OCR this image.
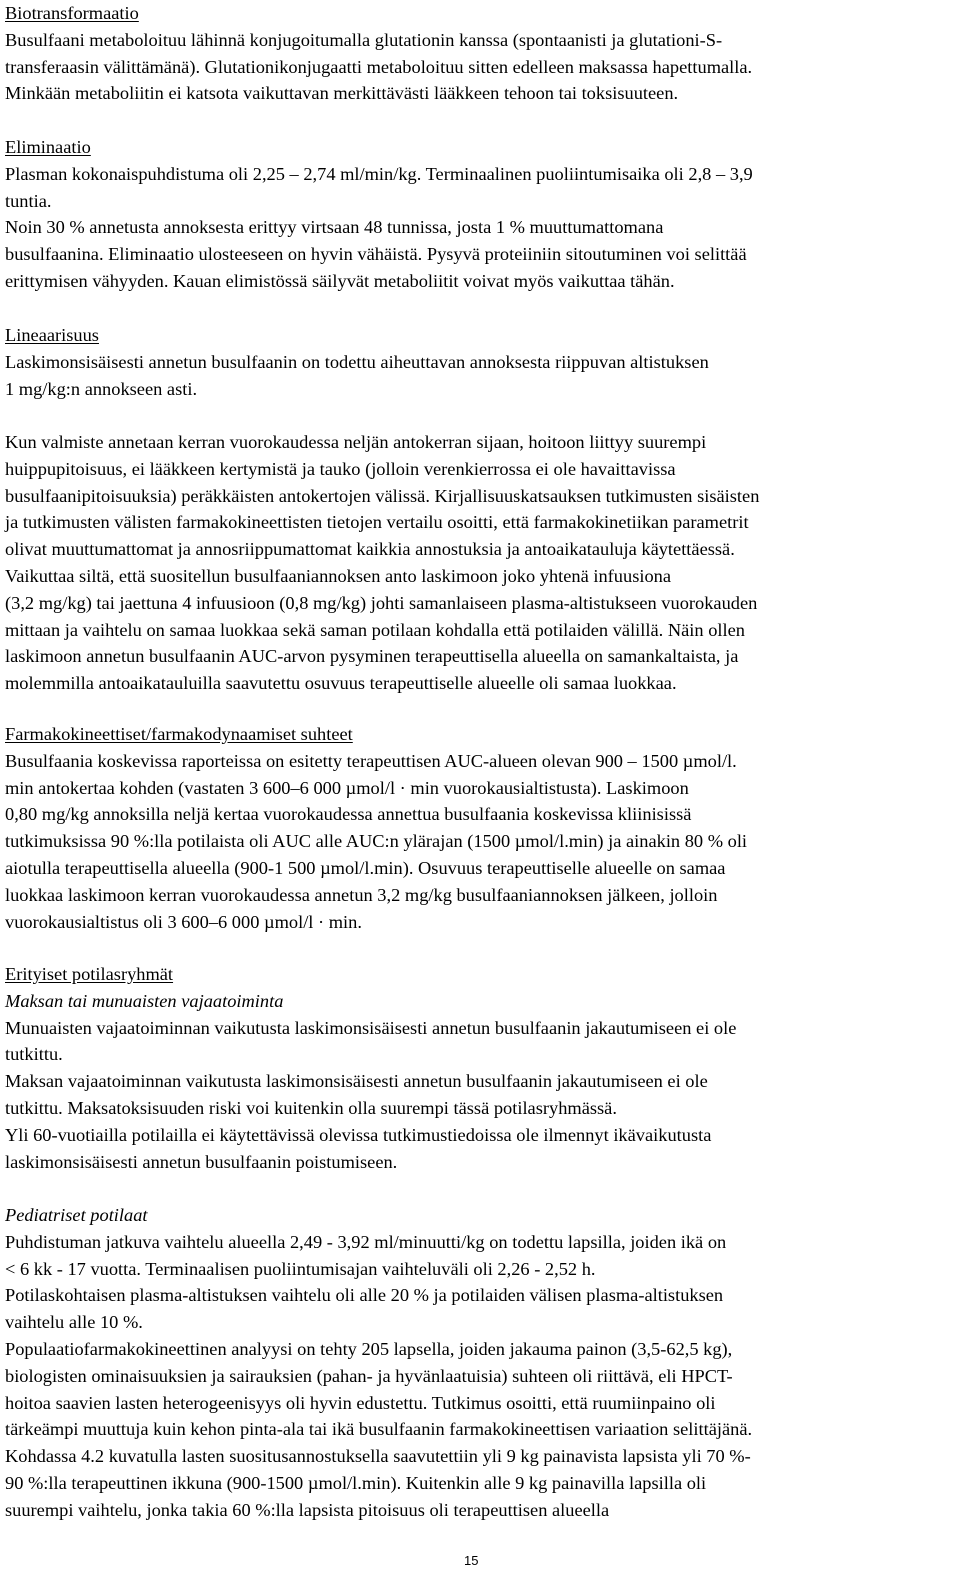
Biotransformaatio
Busulfaani metaboloituu lähinnä konjugoitumalla glutationin kanssa (spontaanisti ja glutationi-S-
transferaasin välittämänä). Glutationikonjugaatti metaboloituu sitten edelleen maksassa hapettumalla.
Minkään metaboliitin ei katsota vaikuttavan merkittävästi lääkkeen tehoon tai toksisuuteen.
Eliminaatio
Plasman kokonaispuhdistuma oli 2,25 – 2,74 ml/min/kg. Terminaalinen puoliintumisaika oli 2,8 – 3,9
tuntia.
Noin 30 % annetusta annoksesta erittyy virtsaan 48 tunnissa, josta 1 % muuttumattomana
busulfaanina. Eliminaatio ulosteeseen on hyvin vähäistä. Pysyvä proteiiniin sitoutuminen voi selittää
erittymisen vähyyden. Kauan elimistössä säilyvät metaboliitit voivat myös vaikuttaa tähän.
Lineaarisuus
Laskimonsisäisesti annetun busulfaanin on todettu aiheuttavan annoksesta riippuvan altistuksen
1 mg/kg:n annokseen asti.
Kun valmiste annetaan kerran vuorokaudessa neljän antokerran sijaan, hoitoon liittyy suurempi
huippupitoisuus, ei lääkkeen kertymistä ja tauko (jolloin verenkierrossa ei ole havaittavissa
busulfaanipitoisuuksia) peräkkäisten antokertojen välissä. Kirjallisuuskatsauksen tutkimusten sisäisten
ja tutkimusten välisten farmakokineettisten tietojen vertailu osoitti, että farmakokinetiikan parametrit
olivat muuttumattomat ja annosriippumattomat kaikkia annostuksia ja antoaikatauluja käytettäessä.
Vaikuttaa siltä, että suositellun busulfaaniannoksen anto laskimoon joko yhtenä infuusiona
(3,2 mg/kg) tai jaettuna 4 infuusioon (0,8 mg/kg) johti samanlaiseen plasma-altistukseen vuorokauden
mittaan ja vaihtelu on samaa luokkaa sekä saman potilaan kohdalla että potilaiden välillä. Näin ollen
laskimoon annetun busulfaanin AUC-arvon pysyminen terapeuttisella alueella on samankaltaista, ja
molemmilla antoaikatauluilla saavutettu osuvuus terapeuttiselle alueelle oli samaa luokkaa.
Farmakokineettiset/farmakodynaamiset suhteet
Busulfaania koskevissa raporteissa on esitetty terapeuttisen AUC-alueen olevan 900 – 1500 µmol/l.
min antokertaa kohden (vastaten 3 600–6 000 µmol/l · min vuorokausialtistusta). Laskimoon
0,80 mg/kg annoksilla neljä kertaa vuorokaudessa annettua busulfaania koskevissa kliinisissä
tutkimuksissa 90 %:lla potilaista oli AUC alle AUC:n ylärajan (1500 µmol/l.min) ja ainakin 80 % oli
aiotulla terapeuttisella alueella (900-1 500 µmol/l.min). Osuvuus terapeuttiselle alueelle on samaa
luokkaa laskimoon kerran vuorokaudessa annetun 3,2 mg/kg busulfaaniannoksen jälkeen, jolloin
vuorokausialtistus oli 3 600–6 000 µmol/l · min.
Erityiset potilasryhmät
Maksan tai munuaisten vajaatoiminta
Munuaisten vajaatoiminnan vaikutusta laskimonsisäisesti annetun busulfaanin jakautumiseen ei ole
tutkittu.
Maksan vajaatoiminnan vaikutusta laskimonsisäisesti annetun busulfaanin jakautumiseen ei ole
tutkittu. Maksatoksisuuden riski voi kuitenkin olla suurempi tässä potilasryhmässä.
Yli 60-vuotiailla potilailla ei käytettävissä olevissa tutkimustiedoissa ole ilmennyt ikävaikutusta
laskimonsisäisesti annetun busulfaanin poistumiseen.
Pediatriset potilaat
Puhdistuman jatkuva vaihtelu alueella 2,49 - 3,92 ml/minuutti/kg on todettu lapsilla, joiden ikä on
< 6 kk - 17 vuotta. Terminaalisen puoliintumisajan vaihteluväli oli 2,26 - 2,52 h.
Potilaskohtaisen plasma-altistuksen vaihtelu oli alle 20 % ja potilaiden välisen plasma-altistuksen
vaihtelu alle 10 %.
Populaatiofarmakokineettinen analyysi on tehty 205 lapsella, joiden jakauma painon (3,5-62,5 kg),
biologisten ominaisuuksien ja sairauksien (pahan- ja hyvänlaatuisia) suhteen oli riittävä, eli HPCT-
hoitoa saavien lasten heterogeenisyys oli hyvin edustettu. Tutkimus osoitti, että ruumiinpaino oli
tärkeämpi muuttuja kuin kehon pinta-ala tai ikä busulfaanin farmakokineettisen variaation selittäjänä.
Kohdassa 4.2 kuvatulla lasten suositusannostuksella saavutettiin yli 9 kg painavista lapsista yli 70 %-
90 %:lla terapeuttinen ikkuna (900-1500 µmol/l.min). Kuitenkin alle 9 kg painavilla lapsilla oli
suurempi vaihtelu, jonka takia 60 %:lla lapsista pitoisuus oli terapeuttisen alueella
15
